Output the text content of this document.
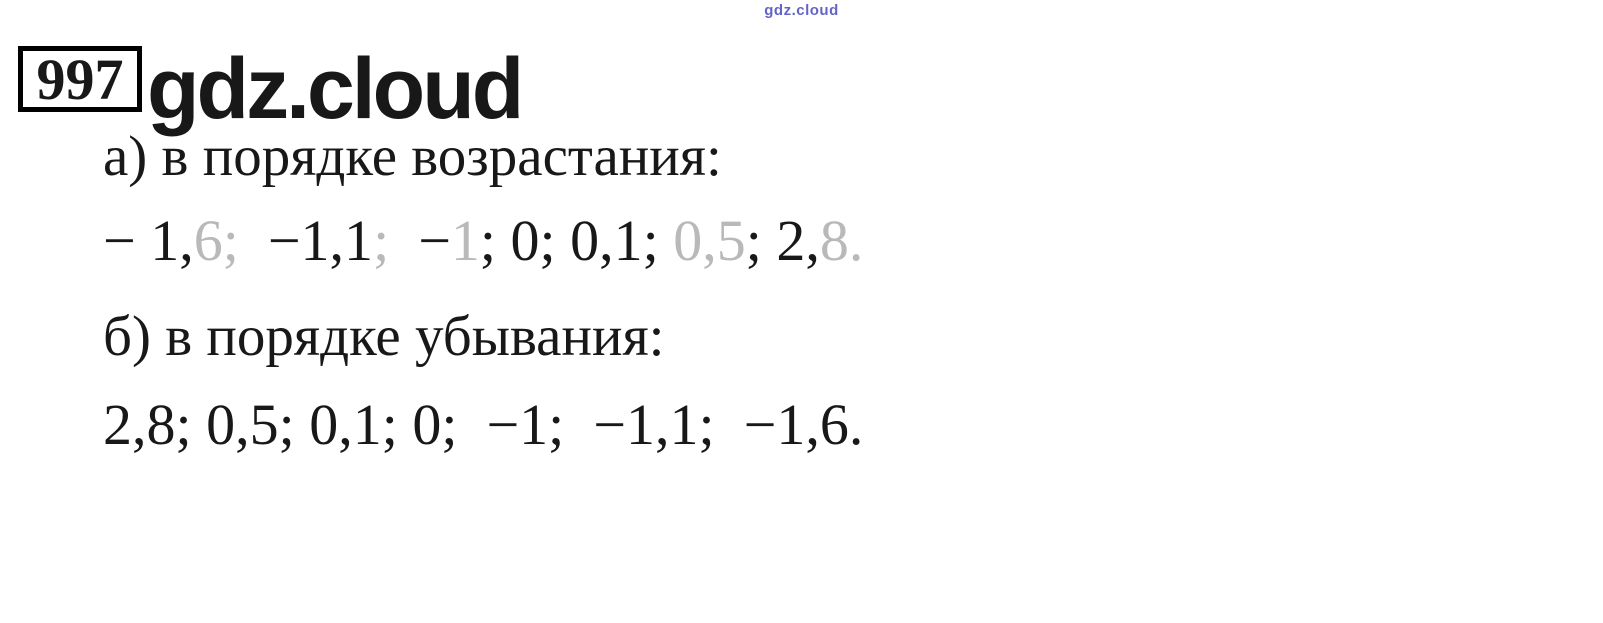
gdz.cloud
997 gdz.cloud
а) в порядке возрастания:
− 1,6;  −1,1;  −1; 0; 0,1; 0,5; 2,8.
б) в порядке убывания:
2,8; 0,5; 0,1; 0;  −1;  −1,1;  −1,6.
